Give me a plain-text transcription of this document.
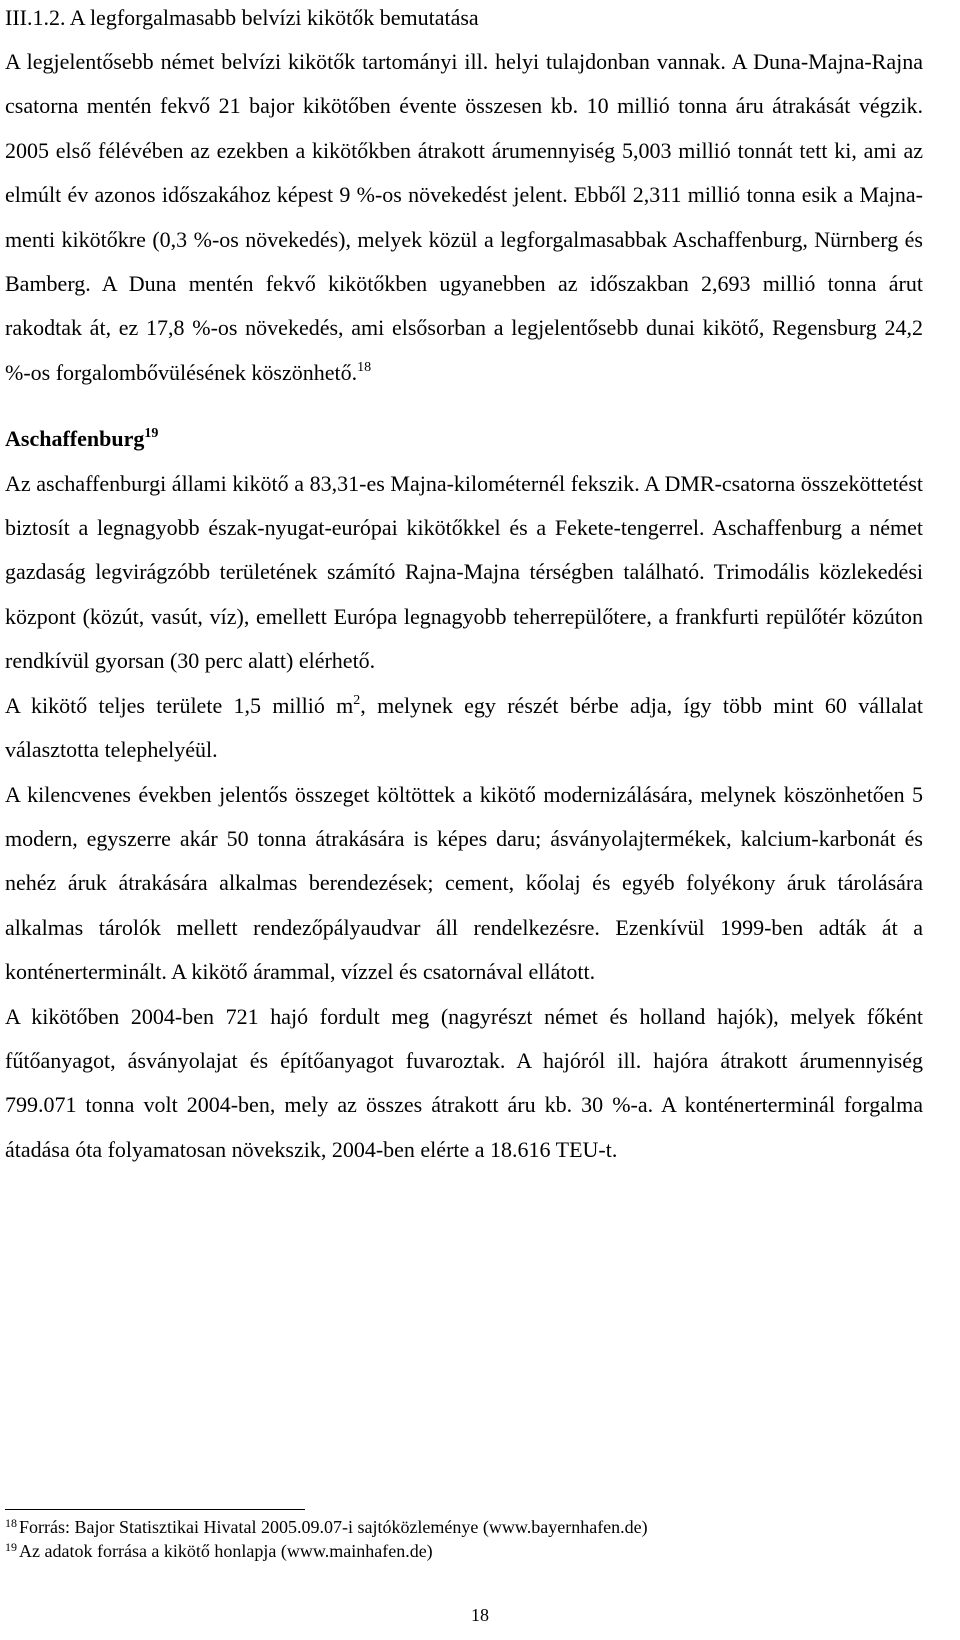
III.1.2. A legforgalmasabb belvízi kikötők bemutatása

A legjelentősebb német belvízi kikötők tartományi ill. helyi tulajdonban vannak. A Duna-Majna-Rajna csatorna mentén fekvő 21 bajor kikötőben évente összesen kb. 10 millió tonna áru átrakását végzik. 2005 első félévében az ezekben a kikötőkben átrakott árumennyiség 5,003 millió tonnát tett ki, ami az elmúlt év azonos időszakához képest 9 %-os növekedést jelent. Ebből 2,311 millió tonna esik a Majna-menti kikötőkre (0,3 %-os növekedés), melyek közül a legforgalmasabbak Aschaffenburg, Nürnberg és Bamberg. A Duna mentén fekvő kikötőkben ugyanebben az időszakban 2,693 millió tonna árut rakodtak át, ez 17,8 %-os növekedés, ami elsősorban a legjelentősebb dunai kikötő, Regensburg 24,2 %-os forgalombővülésének köszönhető.$^{18}$

Aschaffenburg$^{19}$

Az aschaffenburgi állami kikötő a 83,31-es Majna-kilométernél fekszik. A DMR-csatorna összeköttetést biztosít a legnagyobb észak-nyugat-európai kikötőkkel és a Fekete-tengerrel. Aschaffenburg a német gazdaság legvirágzóbb területének számító Rajna-Majna térségben található. Trimodális közlekedési központ (közút, vasút, víz), emellett Európa legnagyobb teherrepülőtere, a frankfurti repülőtér közúton rendkívül gyorsan (30 perc alatt) elérhető.

A kikötő teljes területe 1,5 millió $m^2$, melynek egy részét bérbe adja, így több mint 60 vállalat választotta telephelyéül.

A kilencvenes években jelentős összeget költöttek a kikötő modernizálására, melynek köszönhetően 5 modern, egyszerre akár 50 tonna átrakására is képes daru; ásványolajtermékek, kalcium-karbonát és nehéz áruk átrakására alkalmas berendezések; cement, kőolaj és egyéb folyékony áruk tárolására alkalmas tárolók mellett rendezőpályaudvar áll rendelkezésre. Ezenkívül 1999-ben adták át a konténerterminált. A kikötő árammal, vízzel és csatornával ellátott.

A kikötőben 2004-ben 721 hajó fordult meg (nagyrészt német és holland hajók), melyek főként fűtőanyagot, ásványolajat és építőanyagot fuvaroztak. A hajóról ill. hajóra átrakott árumennyiség 799.071 tonna volt 2004-ben, mely az összes átrakott áru kb. 30 %-a. A konténerterminál forgalma átadása óta folyamatosan növekszik, 2004-ben elérte a 18.616 TEU-t.

$^{18}$ Forrás: Bajor Statisztikai Hivatal 2005.09.07-i sajtóközleménye (www.bayernhafen.de)
$^{19}$ Az adatok forrása a kikötő honlapja (www.mainhafen.de)
18
